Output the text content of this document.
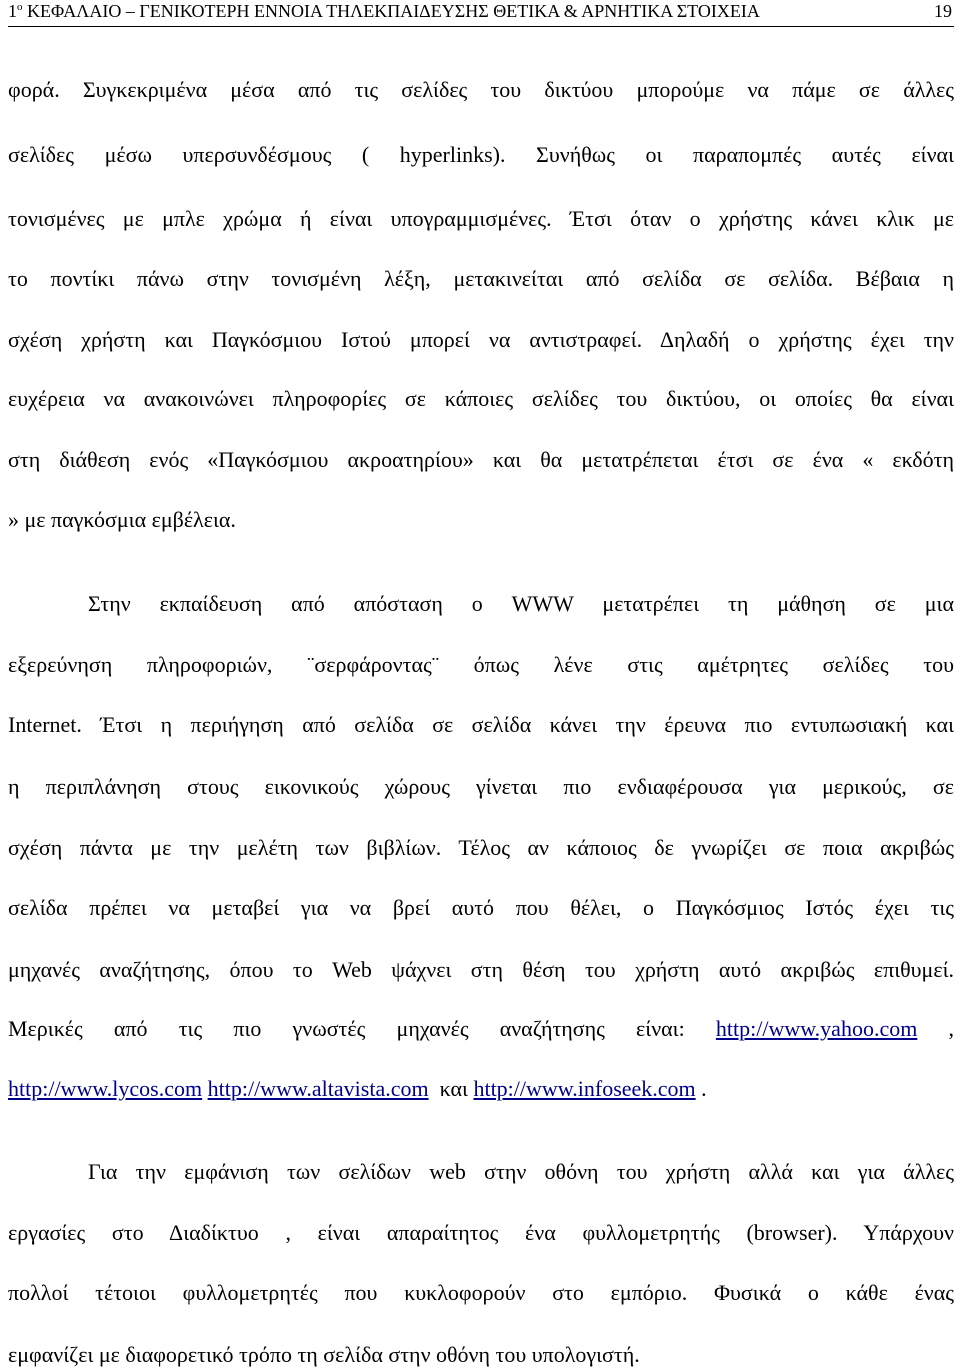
$1^o$ ΚΕΦΑΛΑΙΟ – ΓΕΝΙΚΟΤΕΡΗ ΕΝΝΟΙΑ ΤΗΛΕΚΠΑΙΔΕΥΣΗΣ ΘΕΤΙΚΑ & ΑΡΝΗΤΙΚΑ ΣΤΟΙΧΕΙΑ	19
φορά. Συγκεκριμένα μέσα από τις σελίδες του δικτύου μπορούμε να πάμε σε άλλες
σελίδες μέσω υπερσυνδέσμους ( hyperlinks). Συνήθως οι παραπομπές αυτές είναι
τονισμένες με μπλε χρώμα ή είναι υπογραμμισμένες. Έτσι όταν ο χρήστης κάνει κλικ με
το ποντίκι πάνω στην τονισμένη λέξη, μετακινείται από σελίδα σε σελίδα. Βέβαια η
σχέση χρήστη και Παγκόσμιου Ιστού μπορεί να αντιστραφεί. Δηλαδή ο χρήστης έχει την
ευχέρεια να ανακοινώνει πληροφορίες σε κάποιες σελίδες του δικτύου, οι οποίες θα είναι
στη διάθεση ενός «Παγκόσμιου ακροατηρίου» και θα μετατρέπεται έτσι σε ένα « εκδότη
» με παγκόσμια εμβέλεια.
Στην εκπαίδευση από απόσταση ο WWW μετατρέπει τη μάθηση σε μια
εξερεύνηση πληροφοριών, ¨σερφάροντας¨ όπως λένε στις αμέτρητες σελίδες του
Internet. Έτσι η περιήγηση από σελίδα σε σελίδα κάνει την έρευνα πιο εντυπωσιακή και
η περιπλάνηση στους εικονικούς χώρους γίνεται πιο ενδιαφέρουσα για μερικούς, σε
σχέση πάντα με την μελέτη των βιβλίων. Τέλος αν κάποιος δε γνωρίζει σε ποια ακριβώς
σελίδα πρέπει να μεταβεί για να βρεί αυτό που θέλει, ο Παγκόσμιος Ιστός έχει τις
μηχανές αναζήτησης, όπου το Web ψάχνει στη θέση του χρήστη αυτό ακριβώς επιθυμεί.
Μερικές από τις πιο γνωστές μηχανές αναζήτησης είναι: http://www.yahoo.com ,
http://www.lycos.com http://www.altavista.com και http://www.infoseek.com .
Για την εμφάνιση των σελίδων web στην οθόνη του χρήστη αλλά και για άλλες
εργασίες στο Διαδίκτυο , είναι απαραίτητος ένα φυλλομετρητής (browser). Υπάρχουν
πολλοί τέτοιοι φυλλομετρητές που κυκλοφορούν στο εμπόριο. Φυσικά ο κάθε ένας
εμφανίζει με διαφορετικό τρόπο τη σελίδα στην οθόνη του υπολογιστή.
